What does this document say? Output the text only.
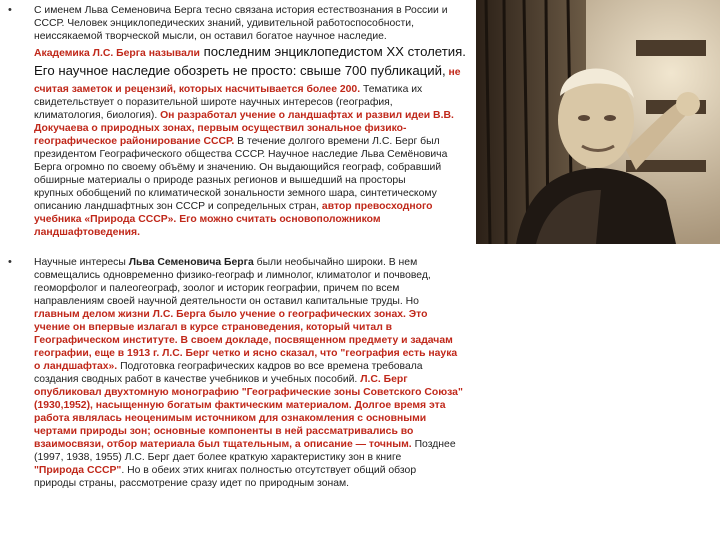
• С именем Льва Семеновича Берга тесно связана история естествознания в России и
СССР. Человек энциклопедических знаний, удивительной работоспособности,
неиссякаемой творческой мысли, он оставил богатое научное наследие.
Академика Л.С. Берга называли последним энциклопедистом XX столетия.
Его научное наследие обозреть не просто: свыше 700 публикаций, не
считая заметок и рецензий, которых насчитывается более 200. Тематика их
свидетельствует о поразительной широте научных интересов (география,
климатология, биология). Он разработал учение о ландшафтах и развил идеи В.В.
Докучаева о природных зонах, первым осуществил зональное физико-
географическое районирование СССР. В течение долгого времени Л.С. Берг был
президентом Географического общества СССР. Научное наследие Льва Семёновича
Берга огромно по своему объёму и значению. Он выдающийся географ, собравший
обширные материалы о природе разных регионов и вышедший на просторы
крупных обобщений по климатической зональности земного шара, синтетическому
описанию ландшафтных зон СССР и сопредельных стран, автор превосходного
учебника «Природа СССР». Его можно считать основоположником
ландшафтоведения.
• Научные интересы Льва Семеновича Берга были необычайно широки. В нем
совмещались одновременно физико-географ и лимнолог, климатолог и почвовед,
геоморфолог и палеогеограф, зоолог и историк географии, причем по всем
направлениям своей научной деятельности он оставил капитальные труды. Но
главным делом жизни Л.С. Берга было учение о географических зонах. Это
учение он впервые излагал в курсе страноведения, который читал в
Географическом институте. В своем докладе, посвященном предмету и задачам
географии, еще в 1913 г. Л.С. Берг четко и ясно сказал, что "география есть наука
о ландшафтах». Подготовка географических кадров во все времена требовала
создания сводных работ в качестве учебников и учебных пособий. Л.С. Берг
опубликовал двухтомную монографию "Географические зоны Советского Союза"
(1930,1952), насыщенную богатым фактическим материалом. Долгое время эта
работа являлась неоценимым источником для ознакомления с основными
чертами природы зон; основные компоненты в ней рассматривались во
взаимосвязи, отбор материала был тщательным, а описание — точным. Позднее
(1997, 1938, 1955) Л.С. Берг дает более краткую характеристику зон в книге
"Природа СССР". Но в обеих этих книгах полностью отсутствует общий обзор
природы страны, рассмотрение сразу идет по природным зонам.
